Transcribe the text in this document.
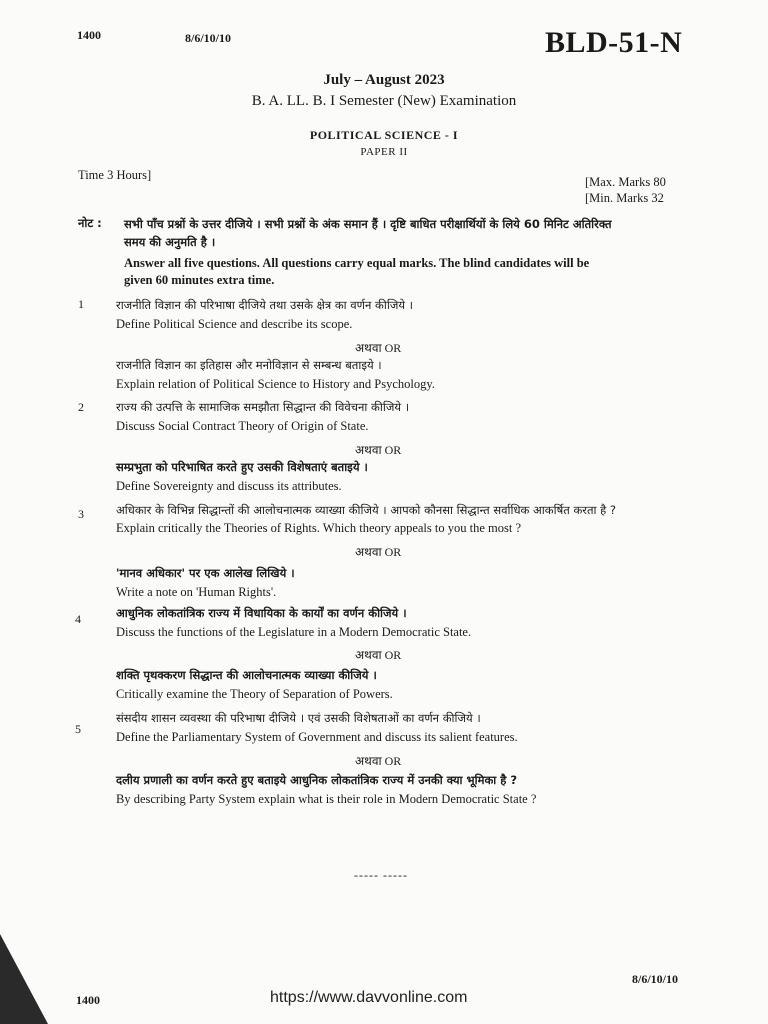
1400	8/6/10/10	BLD-51-N
July – August 2023
B. A. LL. B. I Semester (New) Examination
POLITICAL SCIENCE - I
PAPER II
Time 3 Hours]	[Max. Marks 80
[Min. Marks 32
नोट : सभी पाँच प्रश्नों के उत्तर दीजिये । सभी प्रश्नों के अंक समान हैं । दृष्टि बाधित परीक्षार्थियों के लिये 60 मिनिट अतिरिक्त
समय की अनुमति है ।
Answer all five questions. All questions carry equal marks. The blind candidates will be
given 60 minutes extra time.
1	राजनीति विज्ञान की परिभाषा दीजिये तथा उसके क्षेत्र का वर्णन कीजिये ।
Define Political Science and describe its scope.
अथवा OR
राजनीति विज्ञान का इतिहास और मनोविज्ञान से सम्बन्ध बताइये ।
Explain relation of Political Science to History and Psychology.
2	राज्य की उत्पत्ति के सामाजिक समझौता सिद्धान्त की विवेचना कीजिये ।
Discuss Social Contract Theory of Origin of State.
अथवा OR
सम्प्रभुता को परिभाषित करते हुए उसकी विशेषताएं बताइये ।
Define Sovereignty and discuss its attributes.
3	अधिकार के विभिन्न सिद्धान्तों की आलोचनात्मक व्याख्या कीजिये । आपको कौनसा सिद्धान्त सर्वाधिक आकर्षित करता है ?
Explain critically the Theories of Rights. Which theory appeals to you the most ?
अथवा OR
'मानव अधिकार' पर एक आलेख लिखिये ।
Write a note on 'Human Rights'.
4	आधुनिक लोकतांत्रिक राज्य में विधायिका के कार्यों का वर्णन कीजिये ।
Discuss the functions of the Legislature in a Modern Democratic State.
अथवा OR
शक्ति पृथक्करण सिद्धान्त की आलोचनात्मक व्याख्या कीजिये ।
Critically examine the Theory of Separation of Powers.
5
संसदीय शासन व्यवस्था की परिभाषा दीजिये । एवं उसकी विशेषताओं का वर्णन कीजिये ।
Define the Parliamentary System of Government and discuss its salient features.
अथवा OR
दलीय प्रणाली का वर्णन करते हुए बताइये आधुनिक लोकतांत्रिक राज्य में उनकी क्या भूमिका है ?
By describing Party System explain what is their role in Modern Democratic State ?
----- -----
1400	https://www.davvonline.com
8/6/10/10
